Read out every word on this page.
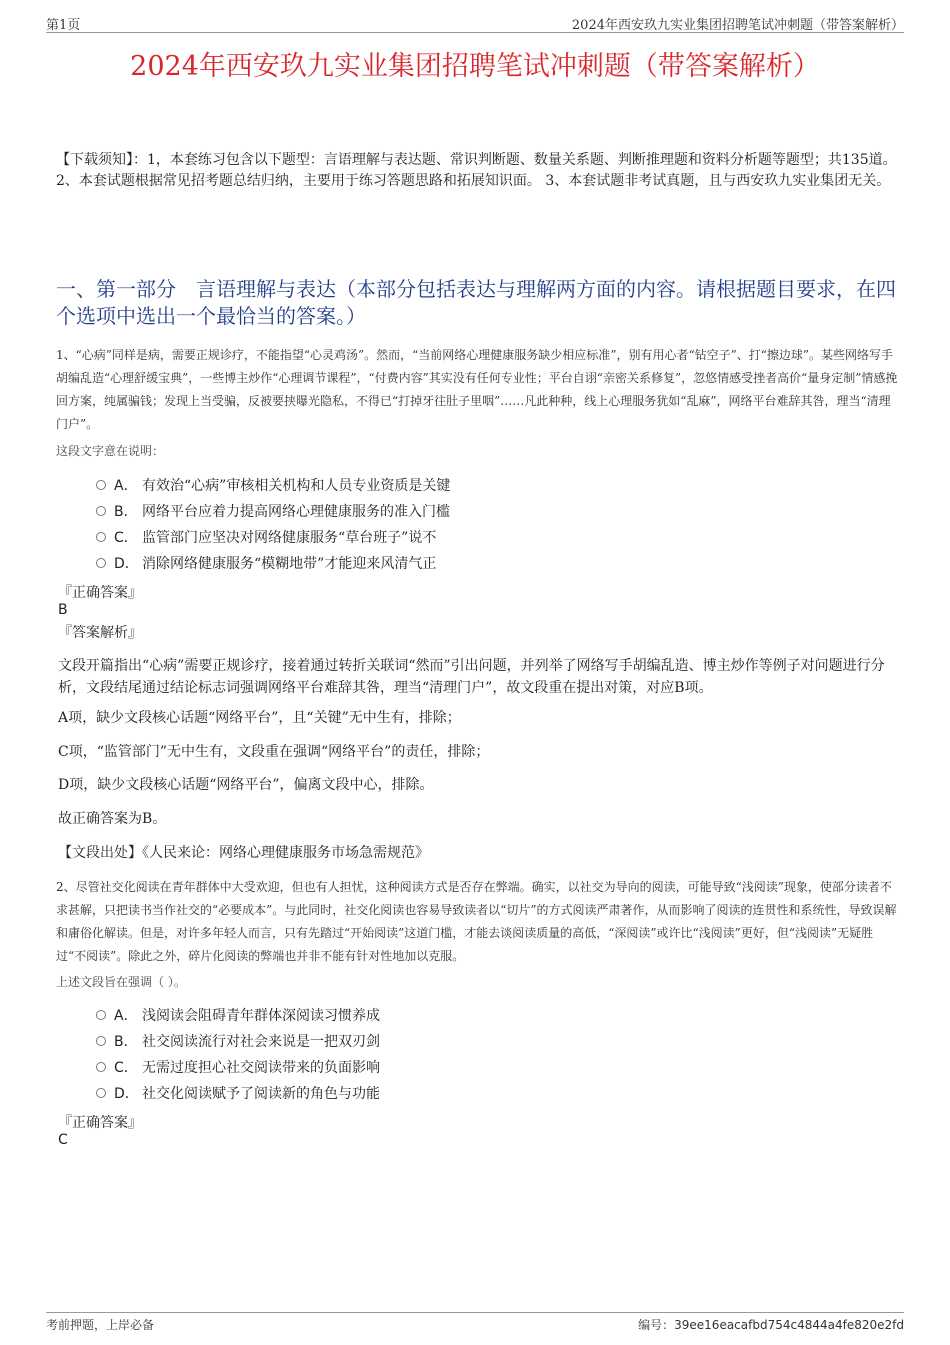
第1页	2024年西安玖九实业集团招聘笔试冲刺题（带答案解析）
2024年西安玖九实业集团招聘笔试冲刺题（带答案解析）
【下载须知】：1，本套练习包含以下题型：言语理解与表达题、常识判断题、数量关系题、判断推理题和资料分析题等题型；共135道。 2、本套试题根据常见招考题总结归纳，主要用于练习答题思路和拓展知识面。 3、本套试题非考试真题，且与西安玖九实业集团无关。
一、第一部分　言语理解与表达（本部分包括表达与理解两方面的内容。请根据题目要求，在四个选项中选出一个最恰当的答案。）
1、“心病”同样是病，需要正规诊疗，不能指望“心灵鸡汤”。然而，“当前网络心理健康服务缺少相应标准”，别有用心者“钻空子”、打“擦边球”。某些网络写手胡编乱造“心理舒缓宝典”，一些博主炒作“心理调节课程”，“付费内容”其实没有任何专业性；平台自诩“亲密关系修复”，忽悠情感受挫者高价“量身定制”情感挽回方案，纯属骗钱；发现上当受骗，反被要挟曝光隐私，不得已“打掉牙往肚子里咽”……凡此种种，线上心理服务犹如“乱麻”，网络平台难辞其咎，理当“清理门户”。
这段文字意在说明：
A． 有效治“心病”审核相关机构和人员专业资质是关键
B． 网络平台应着力提高网络心理健康服务的准入门槛
C． 监管部门应坚决对网络健康服务“草台班子”说不
D． 消除网络健康服务“模糊地带”才能迎来风清气正
『正确答案』
B
『答案解析』
文段开篇指出“心病”需要正规诊疗，接着通过转折关联词“然而”引出问题，并列举了网络写手胡编乱造、博主炒作等例子对问题进行分析，文段结尾通过结论标志词强调网络平台难辞其咎，理当“清理门户”，故文段重在提出对策，对应B项。
A项，缺少文段核心话题“网络平台”，且“关键”无中生有，排除；
C项，“监管部门”无中生有，文段重在强调“网络平台”的责任，排除；
D项，缺少文段核心话题“网络平台”，偏离文段中心，排除。
故正确答案为B。
【文段出处】《人民来论：网络心理健康服务市场急需规范》
2、尽管社交化阅读在青年群体中大受欢迎，但也有人担忧，这种阅读方式是否存在弊端。确实，以社交为导向的阅读，可能导致“浅阅读”现象，使部分读者不求甚解，只把读书当作社交的“必要成本”。与此同时，社交化阅读也容易导致读者以“切片”的方式阅读严肃著作，从而影响了阅读的连贯性和系统性，导致误解和庸俗化解读。但是，对许多年轻人而言，只有先踏过“开始阅读”这道门槛，才能去谈阅读质量的高低，“深阅读”或许比“浅阅读”更好，但“浅阅读”无疑胜过“不阅读”。除此之外，碎片化阅读的弊端也并非不能有针对性地加以克服。
上述文段旨在强调（ ）。
A． 浅阅读会阻碍青年群体深阅读习惯养成
B． 社交阅读流行对社会来说是一把双刃剑
C． 无需过度担心社交阅读带来的负面影响
D． 社交化阅读赋予了阅读新的角色与功能
『正确答案』
C
考前押题，上岸必备	编号：39ee16eacafbd754c4844a4fe820e2fd
